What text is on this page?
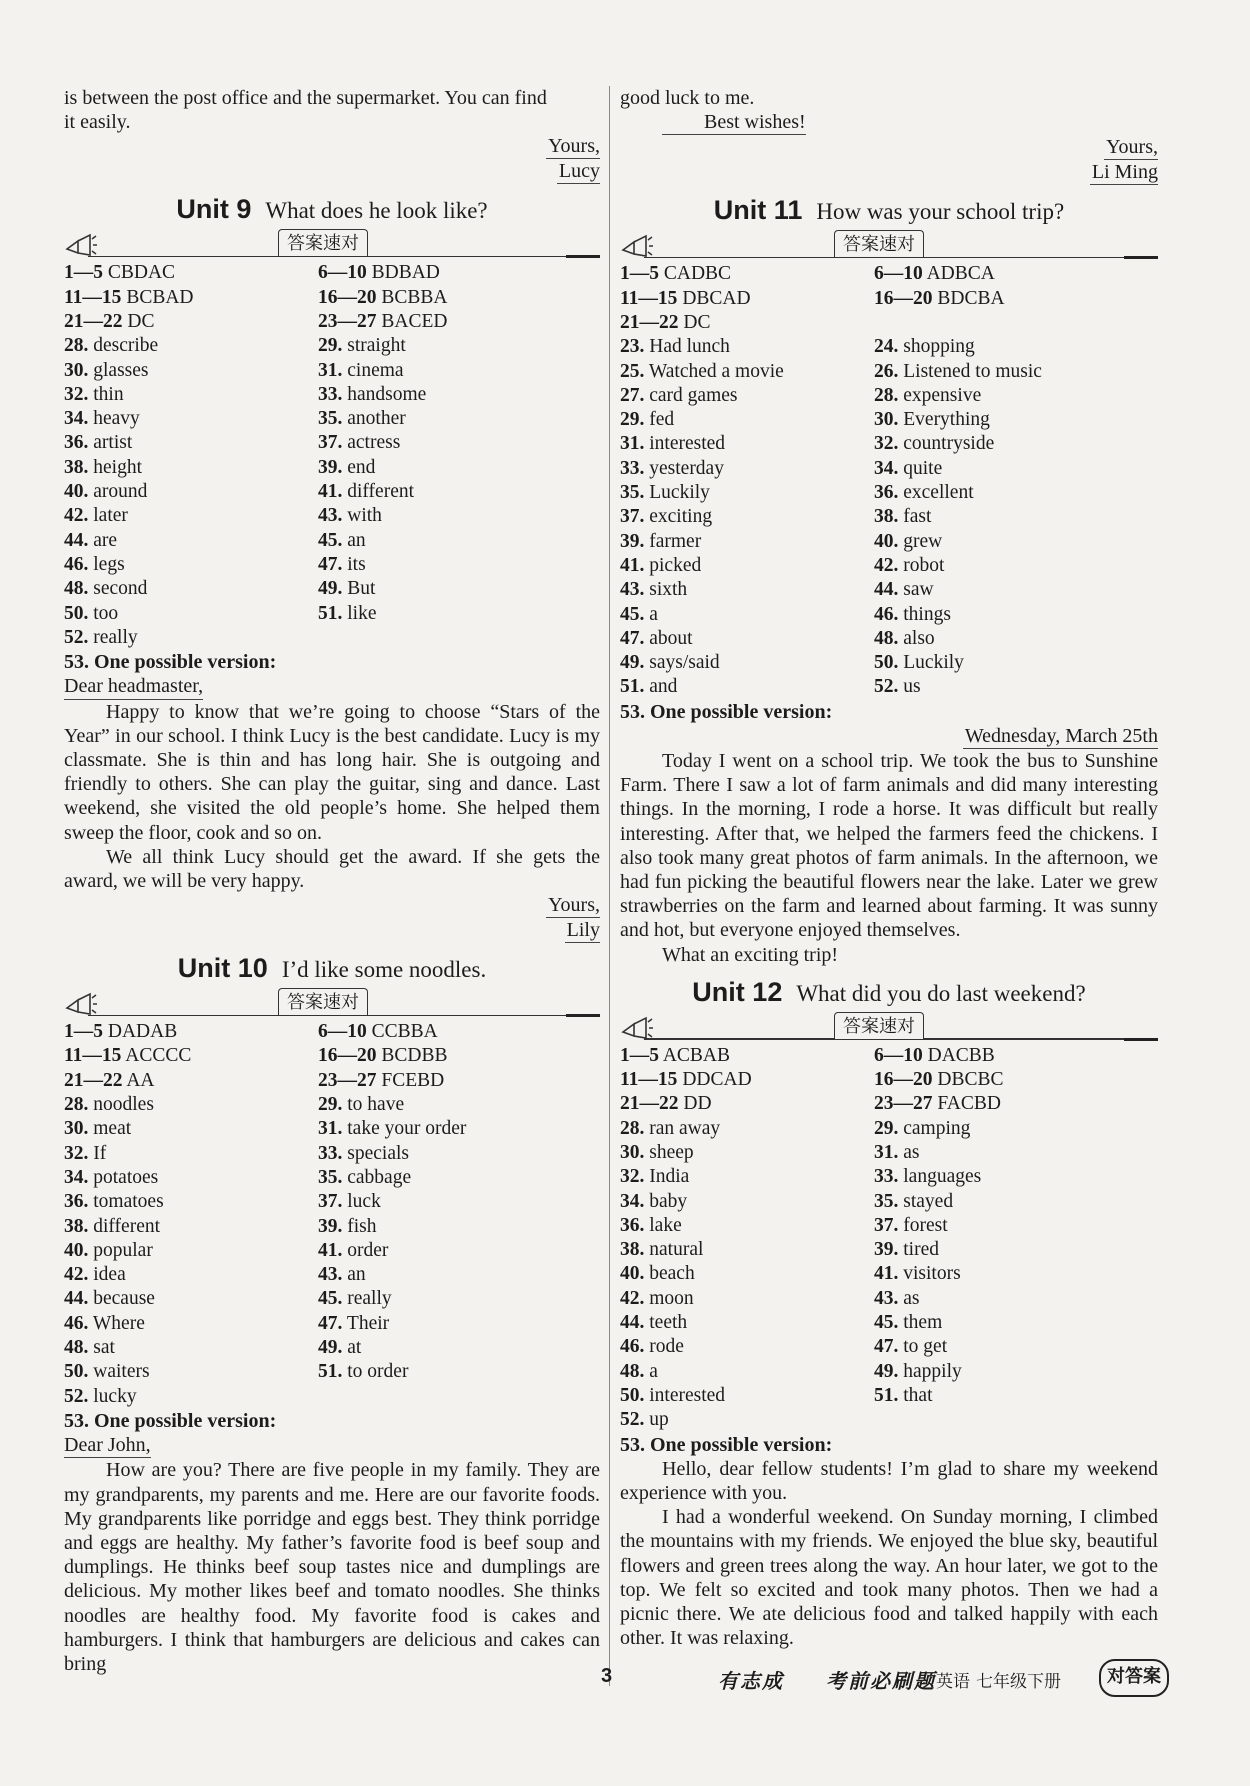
is between the post office and the supermarket. You can find

it easily.

Yours,

Lucy

Unit 9 What does he look like?
答案速对
1—5 CBDAC	6—10 BDBAD
11—15 BCBAD	16—20 BCBBA
21—22 DC	23—27 BACED
28. describe	29. straight
30. glasses	31. cinema
32. thin	33. handsome
34. heavy	35. another
36. artist	37. actress
38. height	39. end
40. around	41. different
42. later	43. with
44. are	45. an
46. legs	47. its
48. second	49. But
50. too	51. like
52. really

53. One possible version:

Dear headmaster,

Happy to know that we’re going to choose “Stars of the Year” in our school. I think Lucy is the best candidate. Lucy is my classmate. She is thin and has long hair. She is outgoing and friendly to others. She can play the guitar, sing and dance. Last weekend, she visited the old people’s home. She helped them sweep the floor, cook and so on.

We all think Lucy should get the award. If she gets the award, we will be very happy.

Yours,

Lily

Unit 10 I’d like some noodles.
答案速对
1—5 DADAB	6—10 CCBBA
11—15 ACCCC	16—20 BCDBB
21—22 AA	23—27 FCEBD
28. noodles	29. to have
30. meat	31. take your order
32. If	33. specials
34. potatoes	35. cabbage
36. tomatoes	37. luck
38. different	39. fish
40. popular	41. order
42. idea	43. an
44. because	45. really
46. Where	47. Their
48. sat	49. at
50. waiters	51. to order
52. lucky

53. One possible version:

Dear John,

How are you? There are five people in my family. They are my grandparents, my parents and me. Here are our favorite foods. My grandparents like porridge and eggs best. They think porridge and eggs are healthy. My father’s favorite food is beef soup and dumplings. He thinks beef soup tastes nice and dumplings are delicious. My mother likes beef and tomato noodles. She thinks noodles are healthy food. My favorite food is cakes and hamburgers. I think that hamburgers are delicious and cakes can bring

good luck to me.

Best wishes!

Yours,

Li Ming

Unit 11 How was your school trip?
答案速对
1—5 CADBC	6—10 ADBCA
11—15 DBCAD	16—20 BDCBA
21—22 DC
23. Had lunch	24. shopping
25. Watched a movie	26. Listened to music
27. card games	28. expensive
29. fed	30. Everything
31. interested	32. countryside
33. yesterday	34. quite
35. Luckily	36. excellent
37. exciting	38. fast
39. farmer	40. grew
41. picked	42. robot
43. sixth	44. saw
45. a	46. things
47. about	48. also
49. says/said	50. Luckily
51. and	52. us

53. One possible version:

Wednesday, March 25th

Today I went on a school trip. We took the bus to Sunshine Farm. There I saw a lot of farm animals and did many interesting things. In the morning, I rode a horse. It was difficult but really interesting. After that, we helped the farmers feed the chickens. I also took many great photos of farm animals. In the afternoon, we had fun picking the beautiful flowers near the lake. Later we grew strawberries on the farm and learned about farming. It was sunny and hot, but everyone enjoyed themselves.

What an exciting trip!

Unit 12 What did you do last weekend?
答案速对
1—5 ACBAB	6—10 DACBB
11—15 DDCAD	16—20 DBCBC
21—22 DD	23—27 FACBD
28. ran away	29. camping
30. sheep	31. as
32. India	33. languages
34. baby	35. stayed
36. lake	37. forest
38. natural	39. tired
40. beach	41. visitors
42. moon	43. as
44. teeth	45. them
46. rode	47. to get
48. a	49. happily
50. interested	51. that
52. up

53. One possible version:

Hello, dear fellow students! I’m glad to share my weekend experience with you.

I had a wonderful weekend. On Sunday morning, I climbed the mountains with my friends. We enjoyed the blue sky, beautiful flowers and green trees along the way. An hour later, we got to the top. We felt so excited and took many photos. Then we had a picnic there. We ate delicious food and talked happily with each other. It was relaxing.

3	有志成 考前必刷题 英语 七年级下册	对答案
